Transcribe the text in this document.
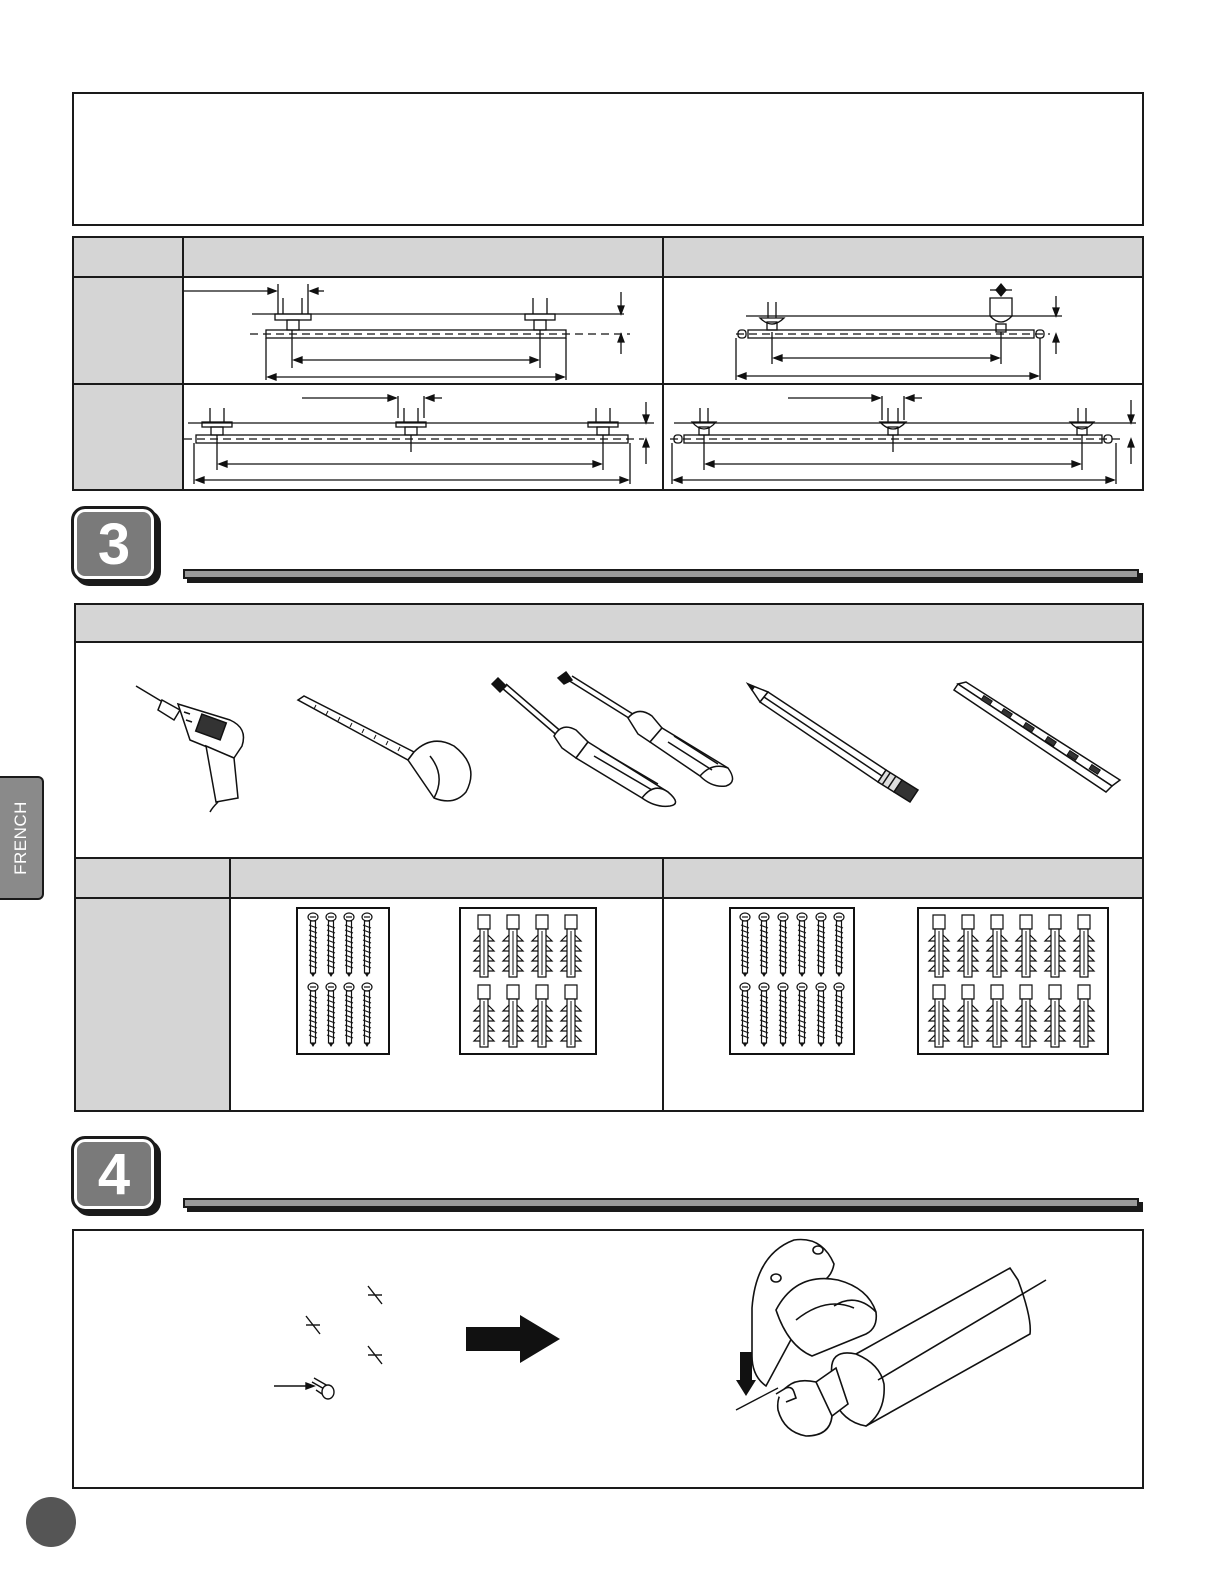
3
4
FRENCH
